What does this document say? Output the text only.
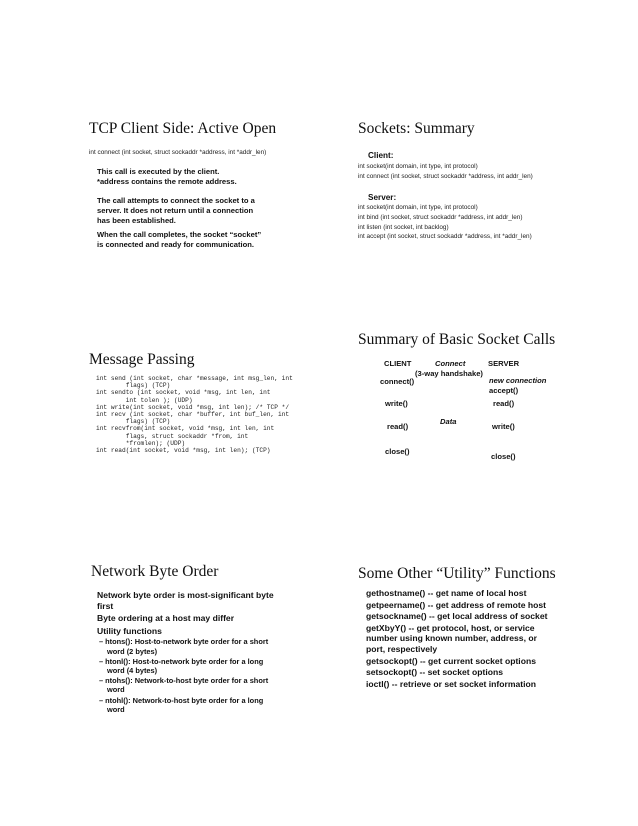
TCP Client Side: Active Open
int connect (int socket, struct sockaddr *address, int *addr_len)
This call is executed by the client.
*address contains the remote address.
The call attempts to connect the socket to a
server. It does not return until a connection
has been established.
When the call completes, the socket “socket”
is connected and ready for communication.
Sockets: Summary
Client:
int socket(int domain, int type, int protocol)
int connect (int socket, struct sockaddr *address, int addr_len)
Server:
int socket(int domain, int type, int protocol)
int bind (int socket, struct sockaddr *address, int addr_len)
int listen (int socket, int backlog)
int accept (int socket, struct sockaddr *address, int *addr_len)
Message Passing
int send (int socket, char *message, int msg_len, int
flags) (TCP)
int sendto (int socket, void *msg, int len, int
int tolen ); (UDP)
int write(int socket, void *msg, int len); /* TCP */
int recv (int socket, char *buffer, int buf_len, int
flags) (TCP)
int recvfrom(int socket, void *msg, int len, int
flags, struct sockaddr *from, int
*fromlen); (UDP)
int read(int socket, void *msg, int len); (TCP)
Summary of Basic Socket Calls
CLIENT	Connect
(3-way handshake)
SERVER
connect()	new connection
accept()
write()	read()
Data
read()	write()
close()
close()
Network Byte Order
Network byte order is most-significant byte first
Byte ordering at a host may differ
Utility functions
– htons(): Host-to-network byte order for a short word (2 bytes)
– htonl(): Host-to-network byte order for a long word (4 bytes)
– ntohs(): Network-to-host byte order for a short word
– ntohl(): Network-to-host byte order for a long word
Some Other “Utility” Functions
gethostname() -- get name of local host
getpeername() -- get address of remote host
getsockname() -- get local address of socket
getXbyY() -- get protocol, host, or service number using known number, address, or port, respectively
getsockopt() -- get current socket options
setsockopt() -- set socket options
ioctl() -- retrieve or set socket information
